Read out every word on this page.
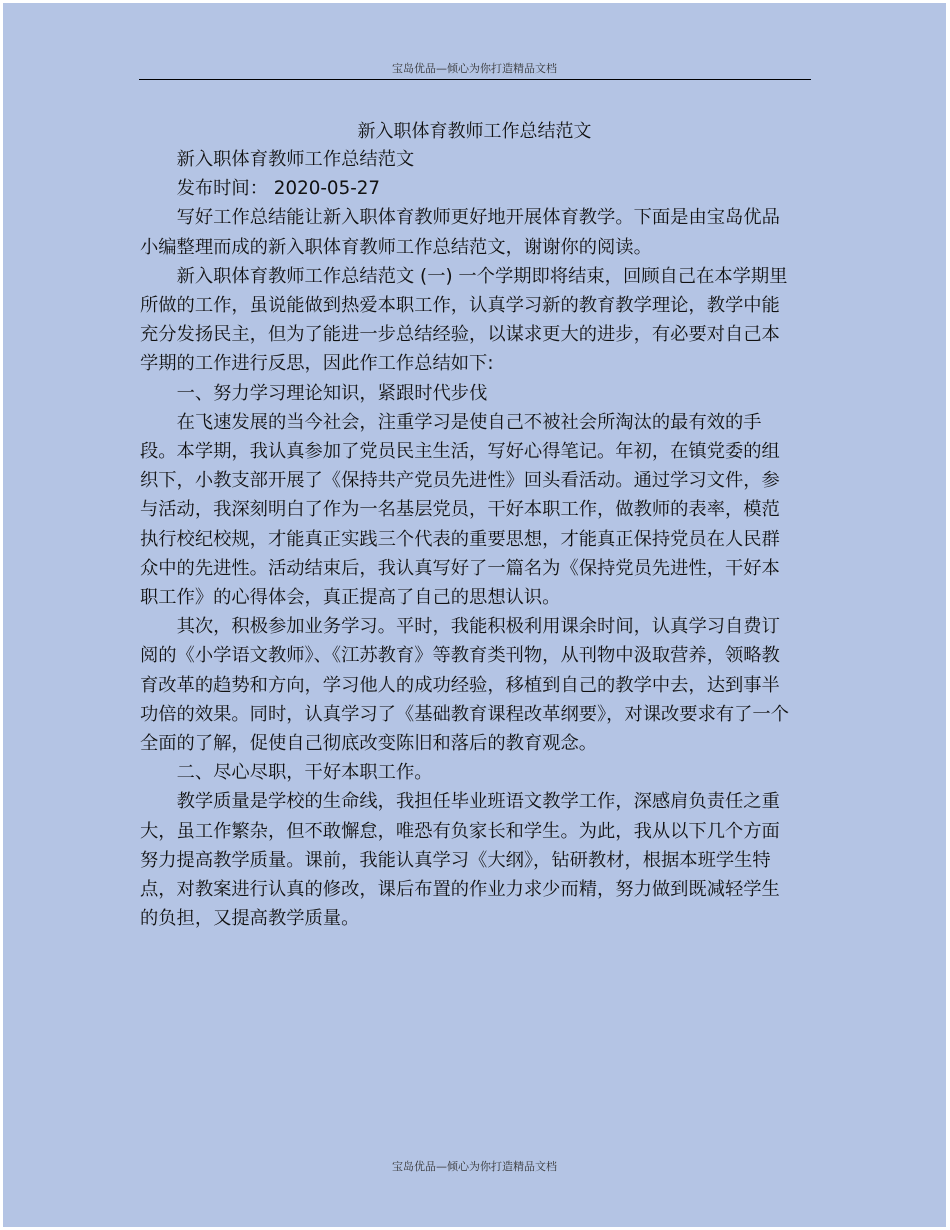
宝岛优品—倾心为你打造精品文档
新入职体育教师工作总结范文

新入职体育教师工作总结范文

发布时间： 2020-05-27

写好工作总结能让新入职体育教师更好地开展体育教学。下面是由宝岛优品小编整理而成的新入职体育教师工作总结范文，谢谢你的阅读。

新入职体育教师工作总结范文 (一) 一个学期即将结束，回顾自己在本学期里所做的工作，虽说能做到热爱本职工作，认真学习新的教育教学理论，教学中能充分发扬民主，但为了能进一步总结经验，以谋求更大的进步，有必要对自己本学期的工作进行反思，因此作工作总结如下:

一、努力学习理论知识，紧跟时代步伐

在飞速发展的当今社会，注重学习是使自己不被社会所淘汰的最有效的手段。本学期，我认真参加了党员民主生活，写好心得笔记。年初，在镇党委的组织下，小教支部开展了《保持共产党员先进性》回头看活动。通过学习文件，参与活动，我深刻明白了作为一名基层党员，干好本职工作，做教师的表率，模范执行校纪校规，才能真正实践三个代表的重要思想，才能真正保持党员在人民群众中的先进性。活动结束后，我认真写好了一篇名为《保持党员先进性，干好本职工作》的心得体会，真正提高了自己的思想认识。

其次，积极参加业务学习。平时，我能积极利用课余时间，认真学习自费订阅的《小学语文教师》、《江苏教育》等教育类刊物，从刊物中汲取营养，领略教育改革的趋势和方向，学习他人的成功经验，移植到自己的教学中去，达到事半功倍的效果。同时，认真学习了《基础教育课程改革纲要》，对课改要求有了一个全面的了解，促使自己彻底改变陈旧和落后的教育观念。

二、尽心尽职，干好本职工作。

教学质量是学校的生命线，我担任毕业班语文教学工作，深感肩负责任之重大，虽工作繁杂，但不敢懈怠，唯恐有负家长和学生。为此，我从以下几个方面努力提高教学质量。课前，我能认真学习《大纲》，钻研教材，根据本班学生特点，对教案进行认真的修改，课后布置的作业力求少而精，努力做到既减轻学生的负担，又提高教学质量。

宝岛优品—倾心为你打造精品文档
